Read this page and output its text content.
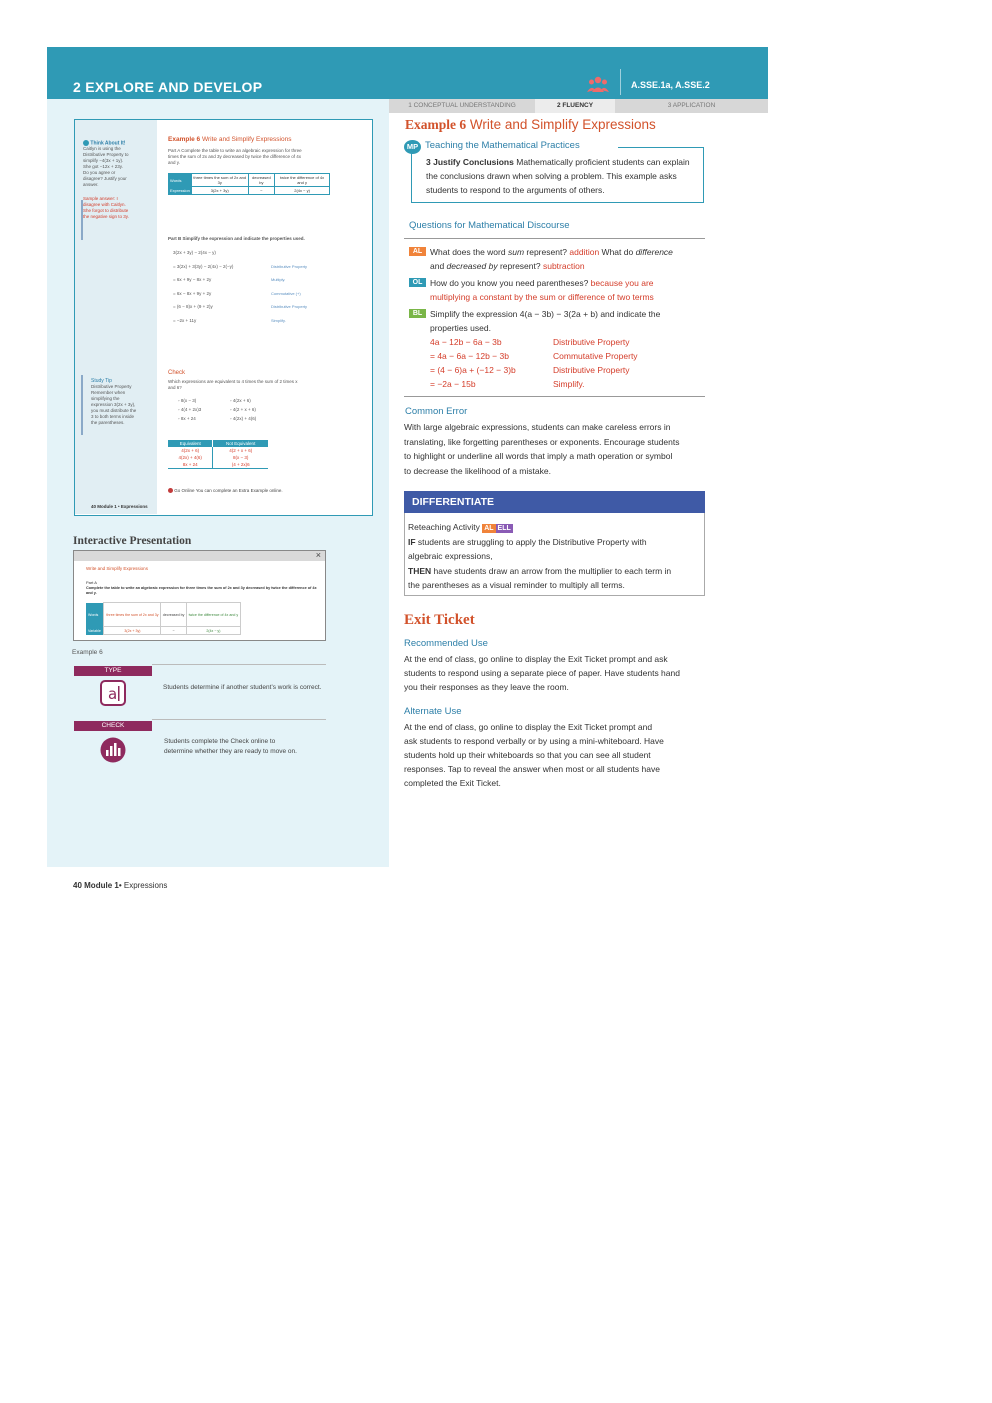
2 EXPLORE AND DEVELOP	A.SSE.1a, A.SSE.2
1 CONCEPTUAL UNDERSTANDING	2 FLUENCY	3 APPLICATION
Think About It!
Caitlyn is using the
Distributive Property to
simplify −4(3x + 1y).
She got −12x + 23y.
Do you agree or
disagree? Justify your
answer.
Sample answer: I
disagree with Caitlyn.
She forgot to distribute
the negative sign to 3y.
Study Tip
Distributive Property
Remember when
simplifying the
expression 3(2x + 3y),
you must distribute the
3 to both terms inside
the parentheses.
Example 6 Write and Simplify Expressions
Part A Complete the table to write an algebraic expression for three
times the sum of 2x and 3y decreased by twice the difference of 4x
and y.
Words	three times the sum of 2x and 3y	decreased by	twice the difference of 4x and y
Expression	3(2x + 3y)	−	2(4x − y)
Part B Simplify the expression and indicate the properties used.
3(2x + 3y) − 2(4x − y)
= 3(2x) + 3(3y) − 2(4x) − 2(−y)	Distributive Property
= 6x + 9y − 8x + 2y	Multiply.
= 6x − 8x + 9y + 2y	Commutative (+)
= (6 − 8)x + (9 + 2)y	Distributive Property
= −2x + 11y	Simplify.
Check
Which expressions are equivalent to 4 times the sum of 2 times x
and 6?
◦ 8(x − 3)	◦ 4(2x + 6)
◦ 4(4 + 2x)3	◦ 4(2 + x + 6)
◦ 8x + 24	◦ 4(2x) + 4(6)
Equivalent	Not Equivalent
4(2x + 6)	4(2 + x + 6)
4(2x) + 4(6)	8(x − 3)
8x + 24	(4 + 2x)6
Go Online You can complete an Extra Example online.
40 Module 1 • Expressions
Interactive Presentation
×
Write and Simplify Expressions
Part A
Complete the table to write an algebraic expression for three times the sum of 2x and 3y decreased by twice the difference of 4x and y.
Words	three times the sum of 2x and 3y	decreased by	twice the difference of 4x and y
Variable	3(2x + 3y)	−	2(4x − y)
Example 6
TYPE
a	Students determine if another student’s work is correct.
CHECK
Students complete the Check online to determine whether they are ready to move on.
Example 6 Write and Simplify Expressions
MP Teaching the Mathematical Practices
3 Justify Conclusions Mathematically proficient students can explain the conclusions drawn when solving a problem. This example asks students to respond to the arguments of others.
Questions for Mathematical Discourse
AL What does the word sum represent? addition What do difference
and decreased by represent? subtraction
OL How do you know you need parentheses? because you are
multiplying a constant by the sum or difference of two terms
BL Simplify the expression 4(a − 3b) − 3(2a + b) and indicate the
properties used.
4a − 12b − 6a − 3b	Distributive Property
= 4a − 6a − 12b − 3b	Commutative Property
= (4 − 6)a + (−12 − 3)b	Distributive Property
= −2a − 15b	Simplify.
Common Error
With large algebraic expressions, students can make careless errors in
translating, like forgetting parentheses or exponents. Encourage students
to highlight or underline all words that imply a math operation or symbol
to decrease the likelihood of a mistake.
DIFFERENTIATE
Reteaching Activity AL ELL
IF students are struggling to apply the Distributive Property with
algebraic expressions,
THEN have students draw an arrow from the multiplier to each term in
the parentheses as a visual reminder to multiply all terms.
Exit Ticket
Recommended Use
At the end of class, go online to display the Exit Ticket prompt and ask
students to respond using a separate piece of paper. Have students hand
you their responses as they leave the room.
Alternate Use
At the end of class, go online to display the Exit Ticket prompt and
ask students to respond verbally or by using a mini-whiteboard. Have
students hold up their whiteboards so that you can see all student
responses. Tap to reveal the answer when most or all students have
completed the Exit Ticket.
40 Module 1• Expressions
